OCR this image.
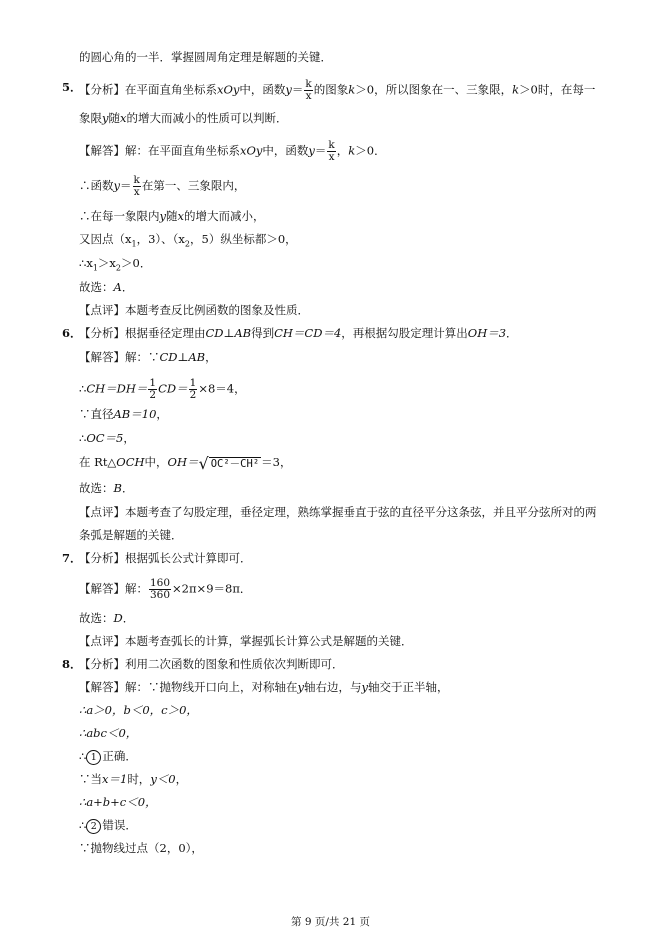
的圆心角的一半．掌握圆周角定理是解题的关键．
5．
【分析】在平面直角坐标系xOy中，函数$y= \frac{k}{x}$ 的图象k＞0，所以图象在一、三象限，k＞0时，在每一
象限y随x的增大而减小的性质可以判断．
【解答】解：在平面直角坐标系xOy中，函数$y= \frac{k}{x}$ ，k＞0．
∴函数$y= \frac{k}{x}$ 在第一、三象限内，
∴在每一象限内y随x的增大而减小，
又因点（$x_1$，3）、（$x_2$，5）纵坐标都＞0，
$\therefore x_1>x_2>0$．
故选：A．
【点评】本题考查反比例函数的图象及性质．
6．
【分析】根据垂径定理由CD⊥AB得到CH＝CD＝4，再根据勾股定理计算出OH＝3．
【解答】解：∵CD⊥AB，
∴CH＝DH＝ $\frac{1}{2} CD= \frac{1}{2} \times 8=4$，
∵直径AB＝10，
∴OC＝5，
在 Rt△OCH中，OH＝√ OC²－CH² ＝3，
故选：B．
【点评】本题考查了勾股定理，垂径定理，熟练掌握垂直于弦的直径平分这条弦，并且平分弦所对的两
条弧是解题的关键．
7．
【分析】根据弧长公式计算即可．
【解答】解： $\frac{160}{360} \times 2\pi\times 9=8\pi$．
故选：D．
【点评】本题考查弧长的计算，掌握弧长计算公式是解题的关键．
8．
【分析】利用二次函数的图象和性质依次判断即可．
【解答】解：∵抛物线开口向上，对称轴在y轴右边，与y轴交于正半轴，
∴a＞0，b＜0，c＞0，
∴abc＜0，
∴ 1 正确．
∵当x＝1时，y＜0，
∴a+b+c＜0，
∴ 2 错误．
∵抛物线过点（2，0），
第 9 页/共 21 页
